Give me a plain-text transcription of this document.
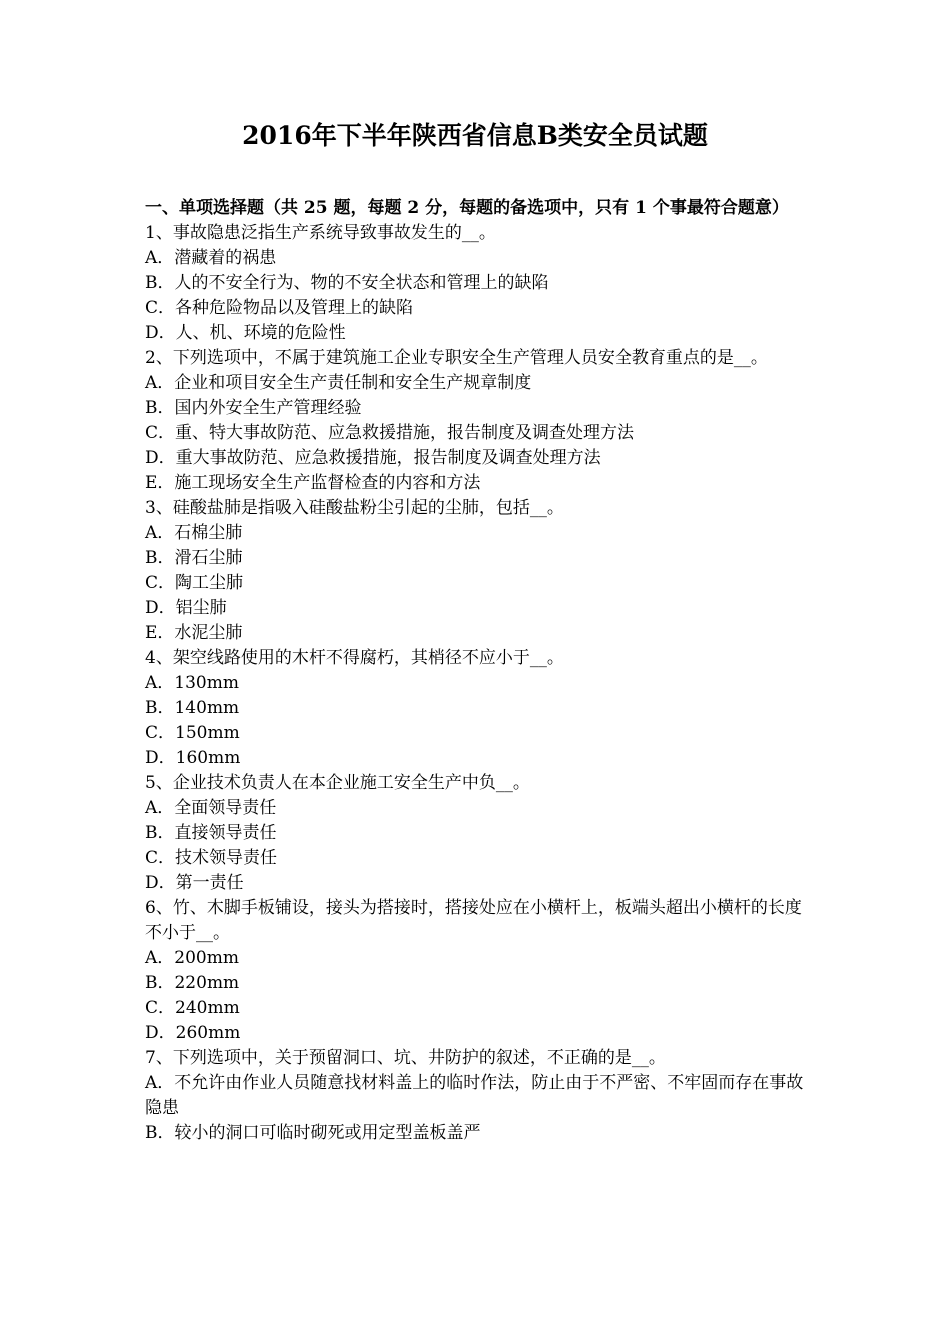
2016年下半年陕西省信息B类安全员试题

一、单项选择题（共 25 题，每题 2 分，每题的备选项中，只有 1 个事最符合题意）

1、事故隐患泛指生产系统导致事故发生的__。

A．潜藏着的祸患

B．人的不安全行为、物的不安全状态和管理上的缺陷

C．各种危险物品以及管理上的缺陷

D．人、机、环境的危险性

2、下列选项中，不属于建筑施工企业专职安全生产管理人员安全教育重点的是__。

A．企业和项目安全生产责任制和安全生产规章制度

B．国内外安全生产管理经验

C．重、特大事故防范、应急救援措施，报告制度及调查处理方法

D．重大事故防范、应急救援措施，报告制度及调查处理方法

E．施工现场安全生产监督检查的内容和方法

3、硅酸盐肺是指吸入硅酸盐粉尘引起的尘肺，包括__。

A．石棉尘肺

B．滑石尘肺

C．陶工尘肺

D．铝尘肺

E．水泥尘肺

4、架空线路使用的木杆不得腐朽，其梢径不应小于__。

A．130mm

B．140mm

C．150mm

D．160mm

5、企业技术负责人在本企业施工安全生产中负__。

A．全面领导责任

B．直接领导责任

C．技术领导责任

D．第一责任

6、竹、木脚手板铺设，接头为搭接时，搭接处应在小横杆上，板端头超出小横杆的长度不小于__。

A．200mm

B．220mm

C．240mm

D．260mm

7、下列选项中，关于预留洞口、坑、井防护的叙述，不正确的是__。

A．不允许由作业人员随意找材料盖上的临时作法，防止由于不严密、不牢固而存在事故隐患

B．较小的洞口可临时砌死或用定型盖板盖严
